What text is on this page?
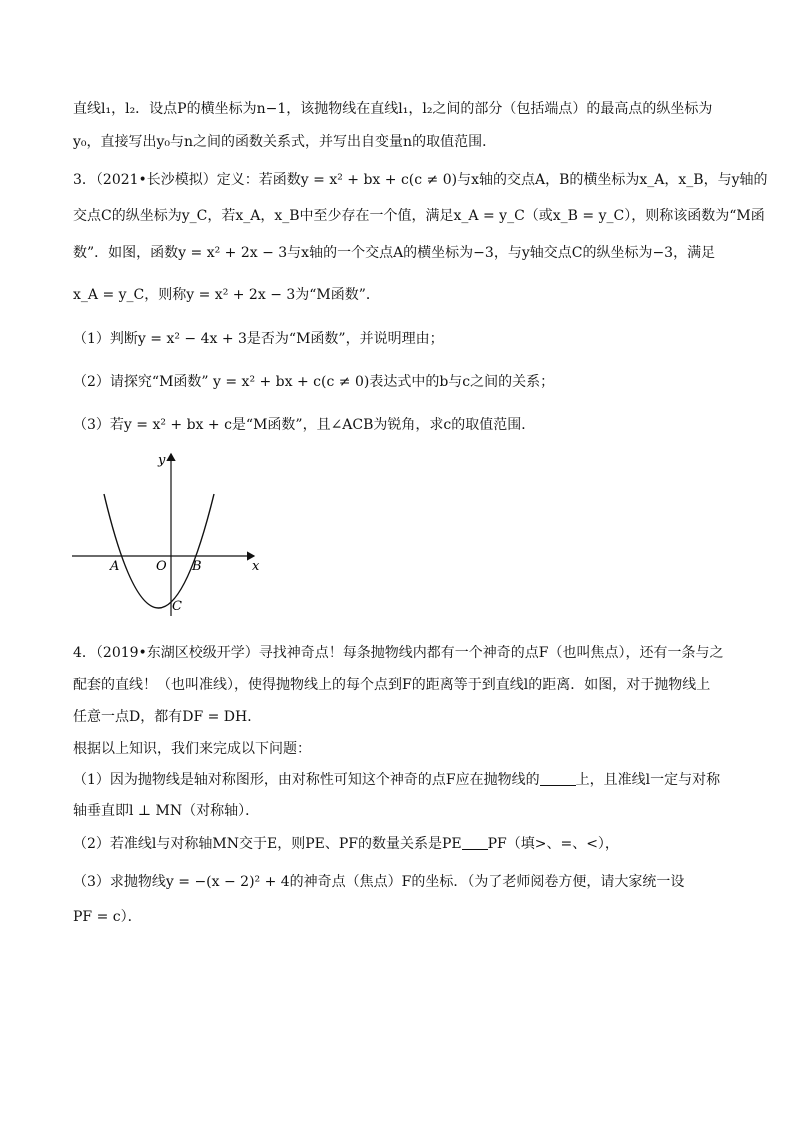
直线l₁，l₂．设点P的横坐标为n−1，该抛物线在直线l₁，l₂之间的部分（包括端点）的最高点的纵坐标为
y₀，直接写出y₀与n之间的函数关系式，并写出自变量n的取值范围．
3．（2021•长沙模拟）定义：若函数y = x² + bx + c(c ≠ 0)与x轴的交点A，B的横坐标为x_A，x_B，与y轴的
交点C的纵坐标为y_C，若x_A，x_B中至少存在一个值，满足x_A = y_C（或x_B = y_C），则称该函数为“M函
数”．如图，函数y = x² + 2x − 3与x轴的一个交点A的横坐标为−3，与y轴交点C的纵坐标为−3，满足
x_A = y_C，则称y = x² + 2x − 3为“M函数”．
（1）判断y = x² − 4x + 3是否为“M函数”，并说明理由；
（2）请探究“M函数” y = x² + bx + c(c ≠ 0)表达式中的b与c之间的关系；
（3）若y = x² + bx + c是“M函数”，且∠ACB为锐角，求c的取值范围．
y
x
A	O B
C
4．（2019•东湖区校级开学）寻找神奇点！每条抛物线内都有一个神奇的点F（也叫焦点），还有一条与之
配套的直线！（也叫准线），使得抛物线上的每个点到F的距离等于到直线l的距离．如图，对于抛物线上
任意一点D，都有DF = DH．
根据以上知识，我们来完成以下问题：
（1）因为抛物线是轴对称图形，由对称性可知这个神奇的点F应在抛物线的	上，且准线l一定与对称
轴垂直即l ⊥ MN（对称轴）．
（2）若准线l与对称轴MN交于E，则PE、PF的数量关系是PE PF（填>、=、<），
（3）求抛物线y = −(x − 2)² + 4的神奇点（焦点）F的坐标．（为了老师阅卷方便，请大家统一设
PF = c）．
